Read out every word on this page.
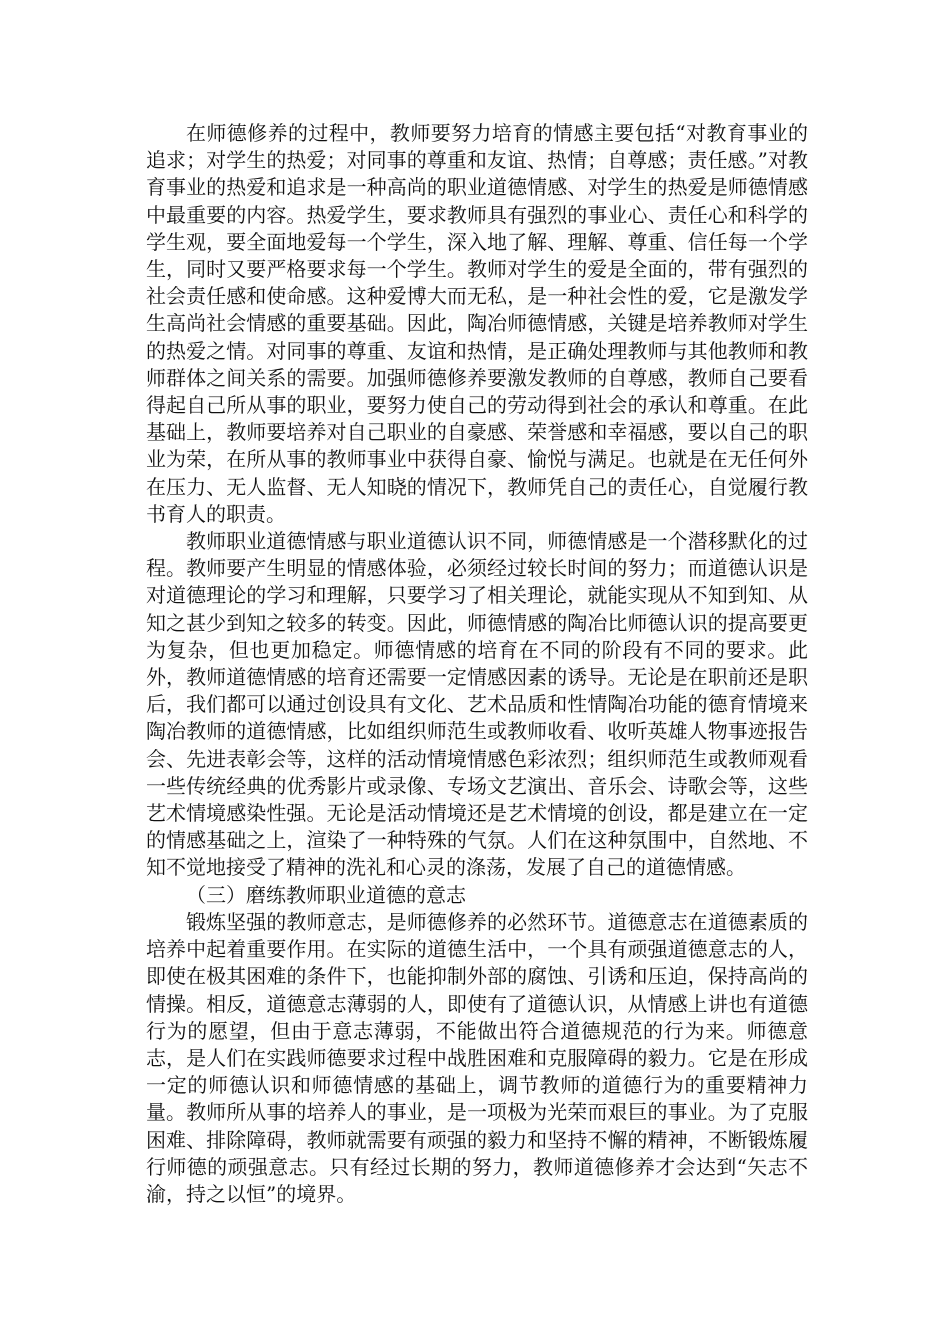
在师德修养的过程中，教师要努力培育的情感主要包括“对教育事业的追求；对学生的热爱；对同事的尊重和友谊、热情；自尊感；责任感。”对教育事业的热爱和追求是一种高尚的职业道德情感、对学生的热爱是师德情感中最重要的内容。热爱学生，要求教师具有强烈的事业心、责任心和科学的学生观，要全面地爱每一个学生，深入地了解、理解、尊重、信任每一个学生，同时又要严格要求每一个学生。教师对学生的爱是全面的，带有强烈的社会责任感和使命感。这种爱博大而无私，是一种社会性的爱，它是激发学生高尚社会情感的重要基础。因此，陶冶师德情感，关键是培养教师对学生的热爱之情。对同事的尊重、友谊和热情，是正确处理教师与其他教师和教师群体之间关系的需要。加强师德修养要激发教师的自尊感，教师自己要看得起自己所从事的职业，要努力使自己的劳动得到社会的承认和尊重。在此基础上，教师要培养对自己职业的自豪感、荣誉感和幸福感，要以自己的职业为荣，在所从事的教师事业中获得自豪、愉悦与满足。也就是在无任何外在压力、无人监督、无人知晓的情况下，教师凭自己的责任心，自觉履行教书育人的职责。

教师职业道德情感与职业道德认识不同，师德情感是一个潜移默化的过程。教师要产生明显的情感体验，必须经过较长时间的努力；而道德认识是对道德理论的学习和理解，只要学习了相关理论，就能实现从不知到知、从知之甚少到知之较多的转变。因此，师德情感的陶冶比师德认识的提高要更为复杂，但也更加稳定。师德情感的培育在不同的阶段有不同的要求。此外，教师道德情感的培育还需要一定情感因素的诱导。无论是在职前还是职后，我们都可以通过创设具有文化、艺术品质和性情陶冶功能的德育情境来陶冶教师的道德情感，比如组织师范生或教师收看、收听英雄人物事迹报告会、先进表彰会等，这样的活动情境情感色彩浓烈；组织师范生或教师观看一些传统经典的优秀影片或录像、专场文艺演出、音乐会、诗歌会等，这些艺术情境感染性强。无论是活动情境还是艺术情境的创设，都是建立在一定的情感基础之上，渲染了一种特殊的气氛。人们在这种氛围中，自然地、不知不觉地接受了精神的洗礼和心灵的涤荡，发展了自己的道德情感。

（三）磨练教师职业道德的意志

锻炼坚强的教师意志，是师德修养的必然环节。道德意志在道德素质的培养中起着重要作用。在实际的道德生活中，一个具有顽强道德意志的人，即使在极其困难的条件下，也能抑制外部的腐蚀、引诱和压迫，保持高尚的情操。相反，道德意志薄弱的人，即使有了道德认识，从情感上讲也有道德行为的愿望，但由于意志薄弱，不能做出符合道德规范的行为来。师德意志，是人们在实践师德要求过程中战胜困难和克服障碍的毅力。它是在形成一定的师德认识和师德情感的基础上，调节教师的道德行为的重要精神力量。教师所从事的培养人的事业，是一项极为光荣而艰巨的事业。为了克服困难、排除障碍，教师就需要有顽强的毅力和坚持不懈的精神，不断锻炼履行师德的顽强意志。只有经过长期的努力，教师道德修养才会达到“矢志不渝，持之以恒”的境界。
